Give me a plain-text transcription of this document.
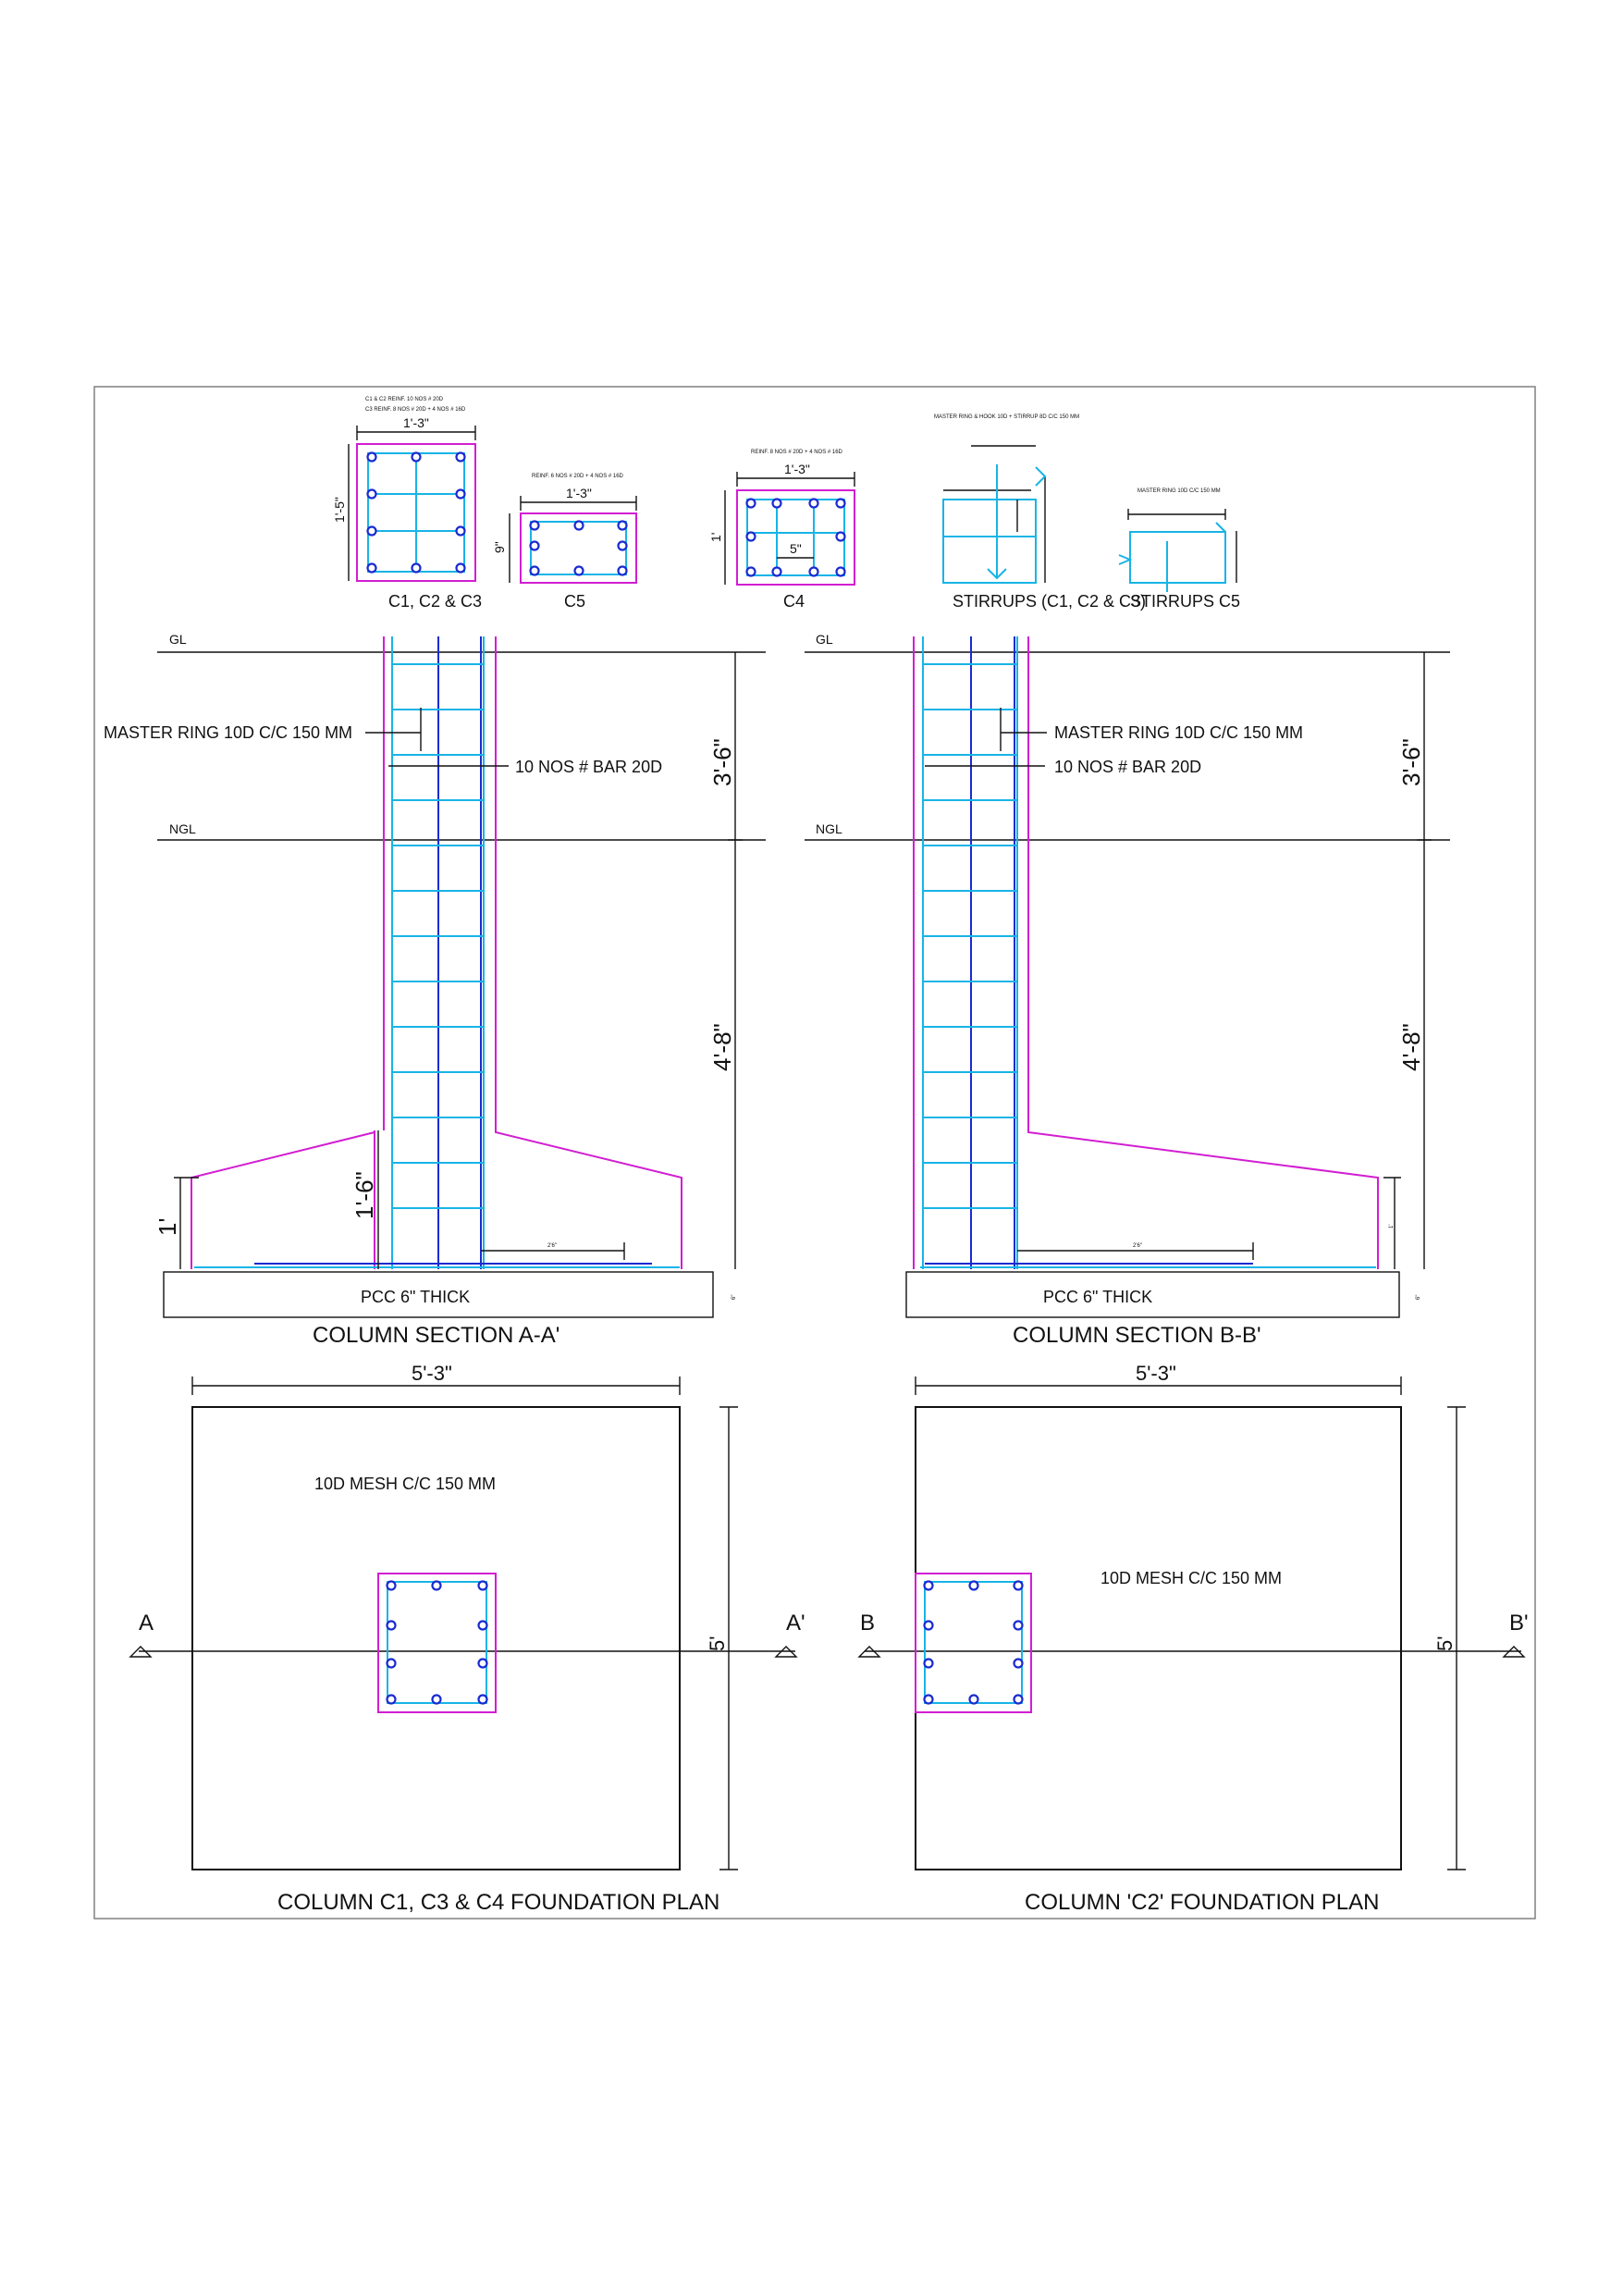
C1 & C2 REINF. 10 NOS # 20D
C3 REINF. 8 NOS # 20D + 4 NOS # 16D
1'-3"
1'-5"
C1, C2 & C3
REINF. 6 NOS # 20D + 4 NOS # 16D
1'-3"
9"
C5
REINF. 8 NOS # 20D + 4 NOS # 16D
1'-3"
1'
5"
C4
MASTER RING & HOOK 10D + STIRRUP 8D C/C 150 MM
STIRRUPS (C1, C2 & C3)
MASTER RING 10D C/C 150 MM
STIRRUPS C5
GL
NGL
MASTER RING 10D C/C 150 MM
10 NOS # BAR 20D 3'-6"
4'-8"
1'-6"
1'
2'6"
PCC 6" THICK	6"
COLUMN SECTION A-A'
GL
NGL
MASTER RING 10D C/C 150 MM
10 NOS # BAR 20D	3'-6"
4'-8"
1'
2'6"
PCC 6" THICK	6"
COLUMN SECTION B-B'
5'-3"
5'
10D MESH C/C 150 MM
A	A'
COLUMN C1, C3 & C4 FOUNDATION PLAN
5'-3"
5'
10D MESH C/C 150 MM
B	B'
COLUMN 'C2' FOUNDATION PLAN
